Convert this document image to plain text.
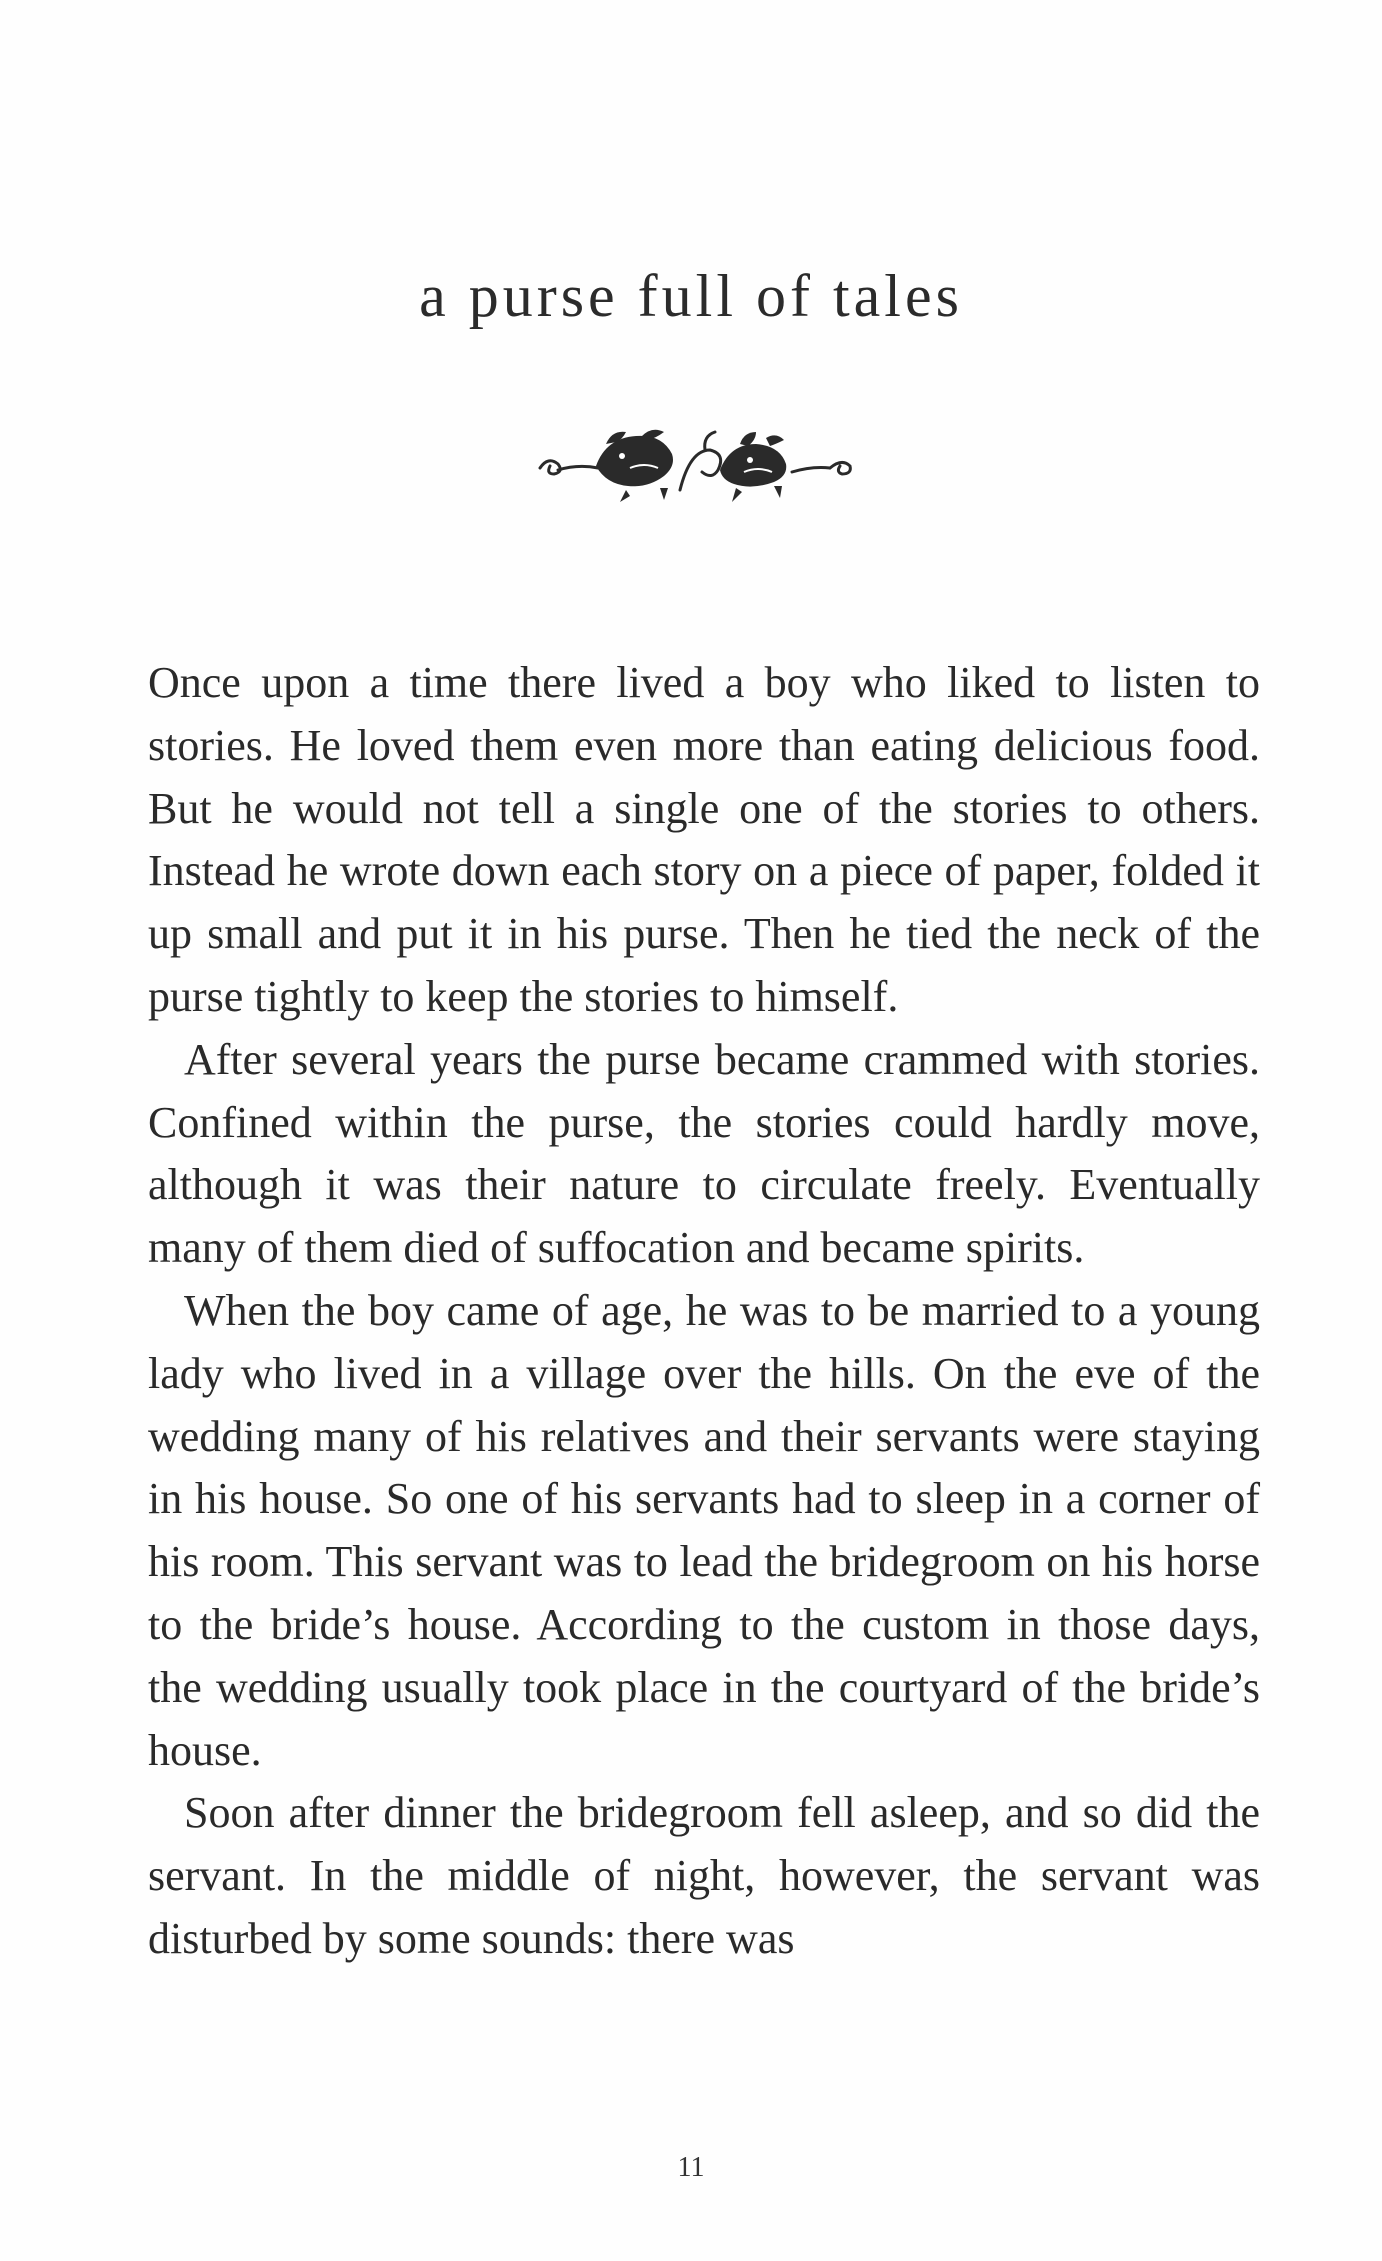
a purse full of tales

Once upon a time there lived a boy who liked to listen to stories. He loved them even more than eating delicious food. But he would not tell a single one of the stories to others. Instead he wrote down each story on a piece of paper, folded it up small and put it in his purse. Then he tied the neck of the purse tightly to keep the stories to himself.

After several years the purse became crammed with stories. Confined within the purse, the stories could hardly move, although it was their nature to circulate freely. Eventually many of them died of suffocation and became spirits.

When the boy came of age, he was to be married to a young lady who lived in a village over the hills. On the eve of the wedding many of his relatives and their servants were staying in his house. So one of his servants had to sleep in a corner of his room. This servant was to lead the bridegroom on his horse to the bride’s house. According to the custom in those days, the wedding usually took place in the courtyard of the bride’s house.

Soon after dinner the bridegroom fell asleep, and so did the servant. In the middle of night, however, the servant was disturbed by some sounds: there was

11
